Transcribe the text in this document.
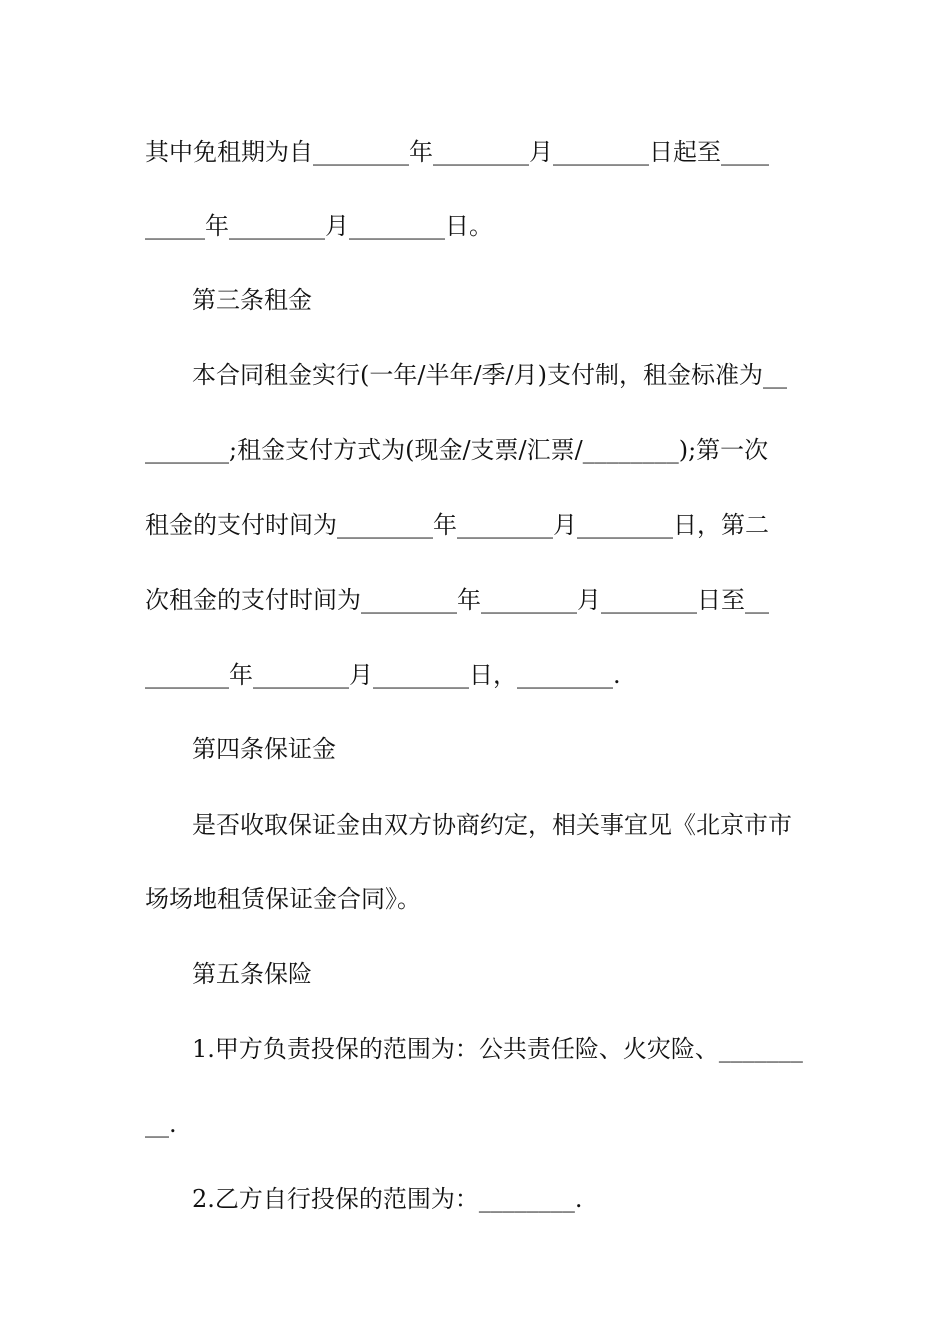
其中免租期为自________年________月________日起至____
_____年________月________日。
第三条租金
本合同租金实行(一年/半年/季/月)支付制，租金标准为__
_______;租金支付方式为(现金/支票/汇票/________);第一次
租金的支付时间为________年________月________日，第二
次租金的支付时间为________年________月________日至__
_______年________月________日，________.
第四条保证金
是否收取保证金由双方协商约定，相关事宜见《北京市市
场场地租赁保证金合同》。
第五条保险
1.甲方负责投保的范围为：公共责任险、火灾险、_______
__.
2.乙方自行投保的范围为：________.
